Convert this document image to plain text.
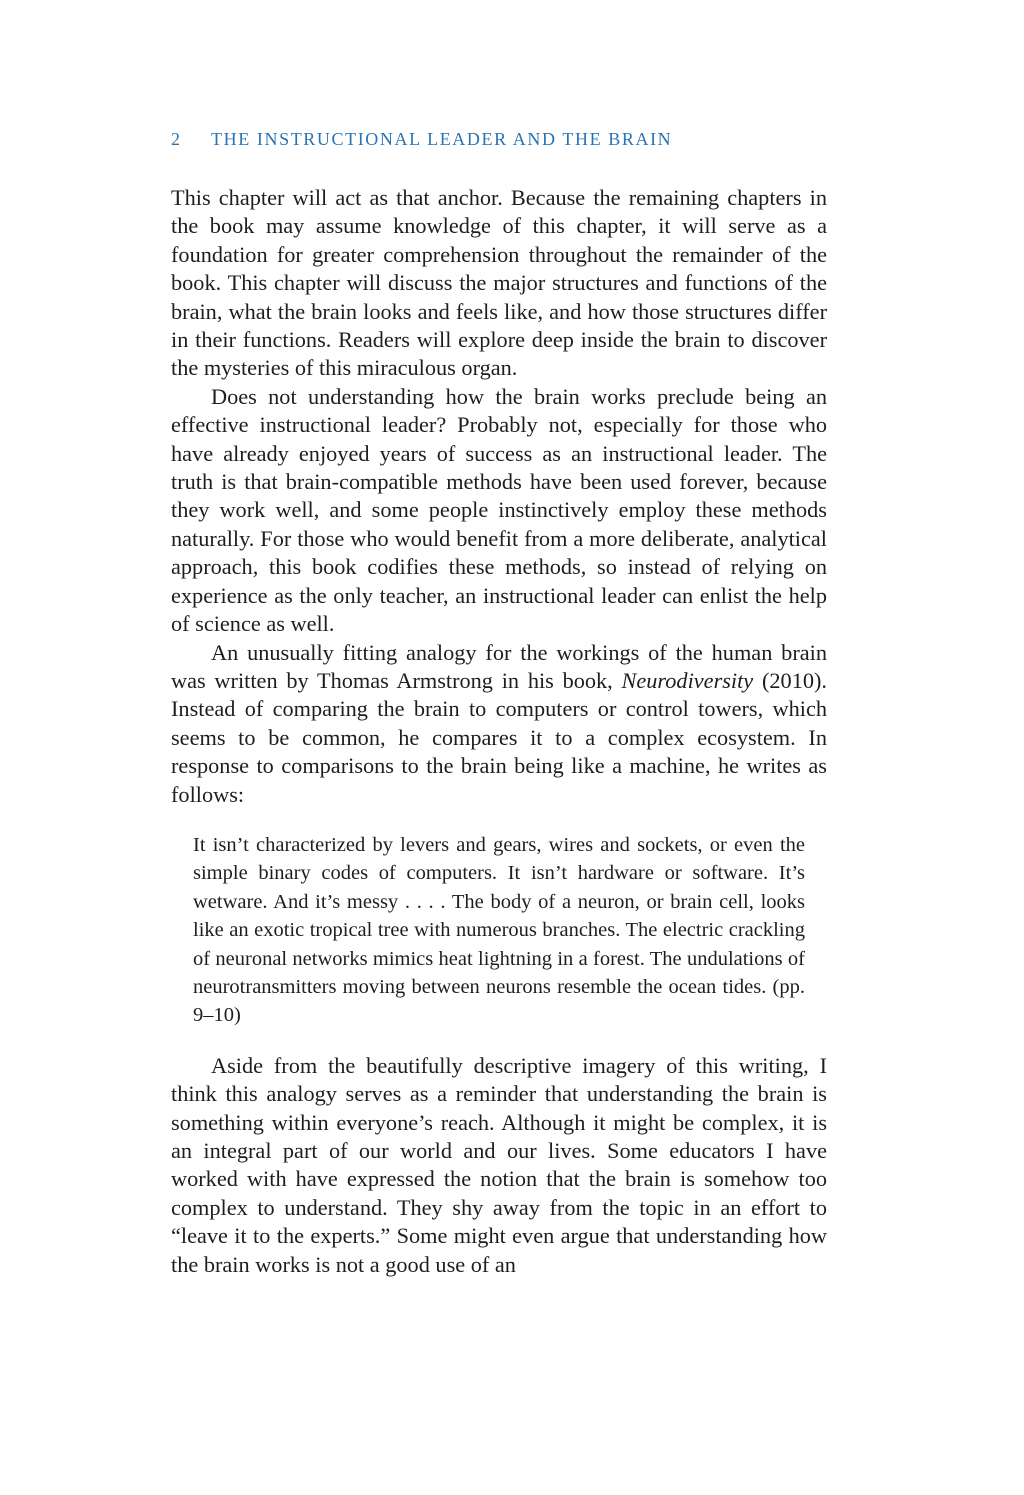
2 THE INSTRUCTIONAL LEADER AND THE BRAIN

This chapter will act as that anchor. Because the remaining chapters in the book may assume knowledge of this chapter, it will serve as a foundation for greater comprehension throughout the remainder of the book. This chapter will discuss the major structures and functions of the brain, what the brain looks and feels like, and how those structures differ in their functions. Readers will explore deep inside the brain to discover the mysteries of this miraculous organ.

Does not understanding how the brain works preclude being an effective instructional leader? Probably not, especially for those who have already enjoyed years of success as an instructional leader. The truth is that brain-compatible methods have been used forever, because they work well, and some people instinctively employ these methods naturally. For those who would benefit from a more deliberate, analytical approach, this book codifies these methods, so instead of relying on experience as the only teacher, an instructional leader can enlist the help of science as well.

An unusually fitting analogy for the workings of the human brain was written by Thomas Armstrong in his book, Neurodiversity (2010). Instead of comparing the brain to computers or control towers, which seems to be common, he compares it to a complex ecosystem. In response to comparisons to the brain being like a machine, he writes as follows:

It isn’t characterized by levers and gears, wires and sockets, or even the simple binary codes of computers. It isn’t hardware or software. It’s wetware. And it’s messy . . . . The body of a neuron, or brain cell, looks like an exotic tropical tree with numerous branches. The electric crackling of neuronal networks mimics heat lightning in a forest. The undulations of neurotransmitters moving between neurons resemble the ocean tides. (pp. 9–10)

Aside from the beautifully descriptive imagery of this writing, I think this analogy serves as a reminder that understanding the brain is something within everyone’s reach. Although it might be complex, it is an integral part of our world and our lives. Some educators I have worked with have expressed the notion that the brain is somehow too complex to understand. They shy away from the topic in an effort to “leave it to the experts.” Some might even argue that understanding how the brain works is not a good use of an
